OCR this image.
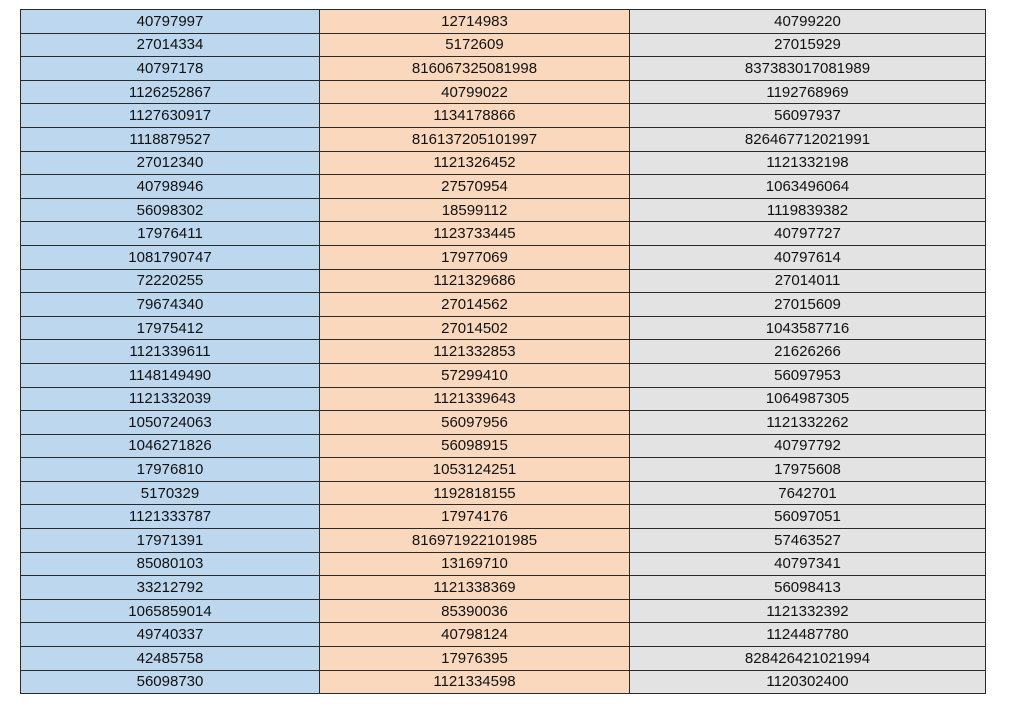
40797997	12714983	40799220
27014334	5172609	27015929
40797178	816067325081998	837383017081989
1126252867	40799022	1192768969
1127630917	1134178866	56097937
1118879527	816137205101997	826467712021991
27012340	1121326452	1121332198
40798946	27570954	1063496064
56098302	18599112	1119839382
17976411	1123733445	40797727
1081790747	17977069	40797614
72220255	1121329686	27014011
79674340	27014562	27015609
17975412	27014502	1043587716
1121339611	1121332853	21626266
1148149490	57299410	56097953
1121332039	1121339643	1064987305
1050724063	56097956	1121332262
1046271826	56098915	40797792
17976810	1053124251	17975608
5170329	1192818155	7642701
1121333787	17974176	56097051
17971391	816971922101985	57463527
85080103	13169710	40797341
33212792	1121338369	56098413
1065859014	85390036	1121332392
49740337	40798124	1124487780
42485758	17976395	828426421021994
56098730	1121334598	1120302400
